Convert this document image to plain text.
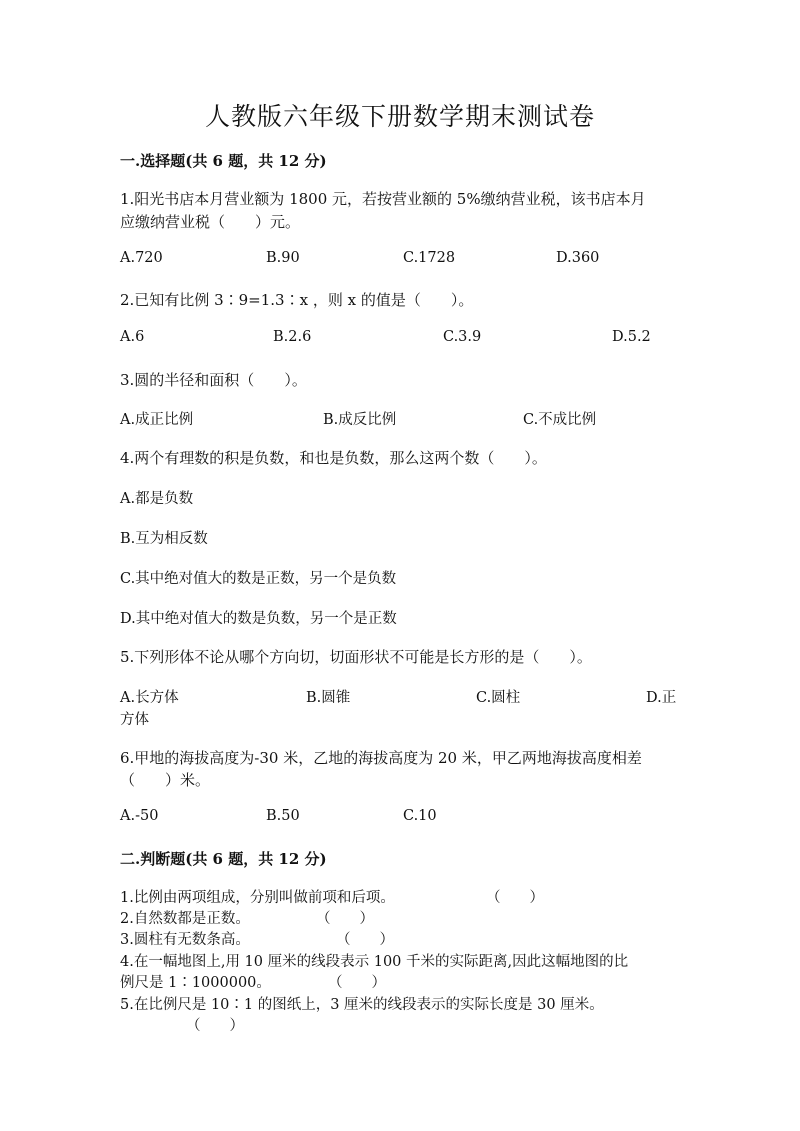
人教版六年级下册数学期末测试卷
一.选择题(共 6 题，共 12 分)
1.阳光书店本月营业额为 1800 元，若按营业额的 5%缴纳营业税，该书店本月
应缴纳营业税（　　）元。
A.720	B.90	C.1728	D.360
2.已知有比例 3∶9=1.3∶x ，则 x 的值是（　　）。
A.6	B.2.6	C.3.9	D.5.2
3.圆的半径和面积（　　）。
A.成正比例	B.成反比例	C.不成比例
4.两个有理数的积是负数，和也是负数，那么这两个数（　　）。
A.都是负数
B.互为相反数
C.其中绝对值大的数是正数，另一个是负数
D.其中绝对值大的数是负数，另一个是正数
5.下列形体不论从哪个方向切，切面形状不可能是长方形的是（　　）。
A.长方体	B.圆锥	C.圆柱	D.正
方体
6.甲地的海拔高度为-30 米，乙地的海拔高度为 20 米，甲乙两地海拔高度相差
（　　）米。
A.-50	B.50	C.10
二.判断题(共 6 题，共 12 分)
1.比例由两项组成，分别叫做前项和后项。	（　　）
2.自然数都是正数。	（　　）
3.圆柱有无数条高。	（　　）
4.在一幅地图上,用 10 厘米的线段表示 100 千米的实际距离,因此这幅地图的比
例尺是 1∶1000000。	（　　）
5.在比例尺是 10∶1 的图纸上，3 厘米的线段表示的实际长度是 30 厘米。
（　　）
